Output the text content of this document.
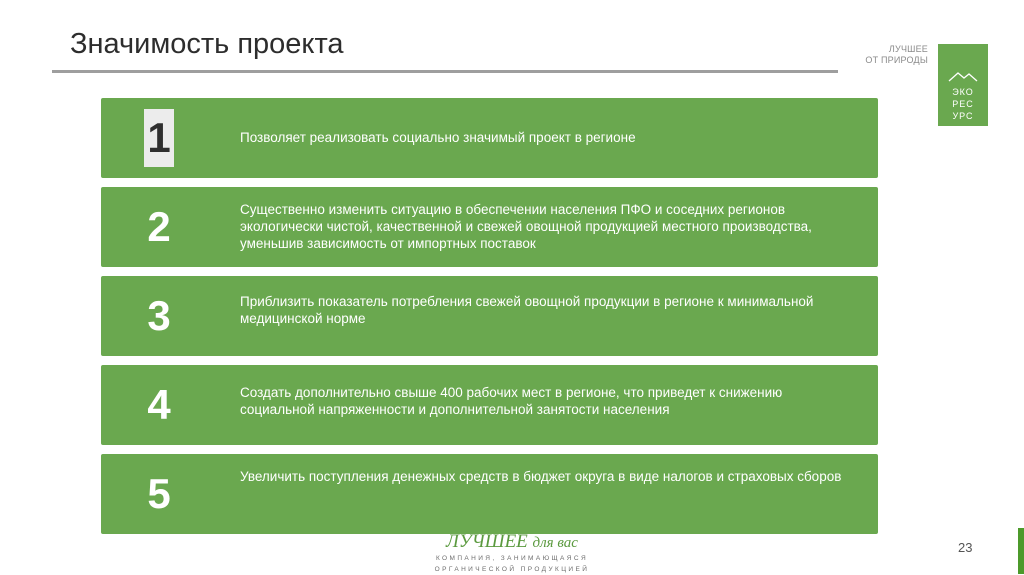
Значимость проекта	ЛУЧШЕЕ
ОТ ПРИРОДЫ
ЭКО
РЕС
УРС
1	Позволяет реализовать социально значимый проект в регионе
2	Существенно изменить ситуацию в обеспечении населения ПФО и соседних регионов экологически чистой, качественной и свежей овощной продукцией местного производства, уменьшив зависимость от импортных поставок
3	Приблизить показатель потребления свежей овощной продукции в регионе к минимальной медицинской норме
4	Создать дополнительно свыше 400 рабочих мест в регионе, что приведет к снижению социальной напряженности и дополнительной занятости населения
5	Увеличить поступления денежных средств в бюджет округа в виде налогов и страховых сборов
ЛУЧШЕЕ для вас
КОМПАНИЯ, ЗАНИМАЮЩАЯСЯ
ОРГАНИЧЕСКОЙ ПРОДУКЦИЕЙ
23
